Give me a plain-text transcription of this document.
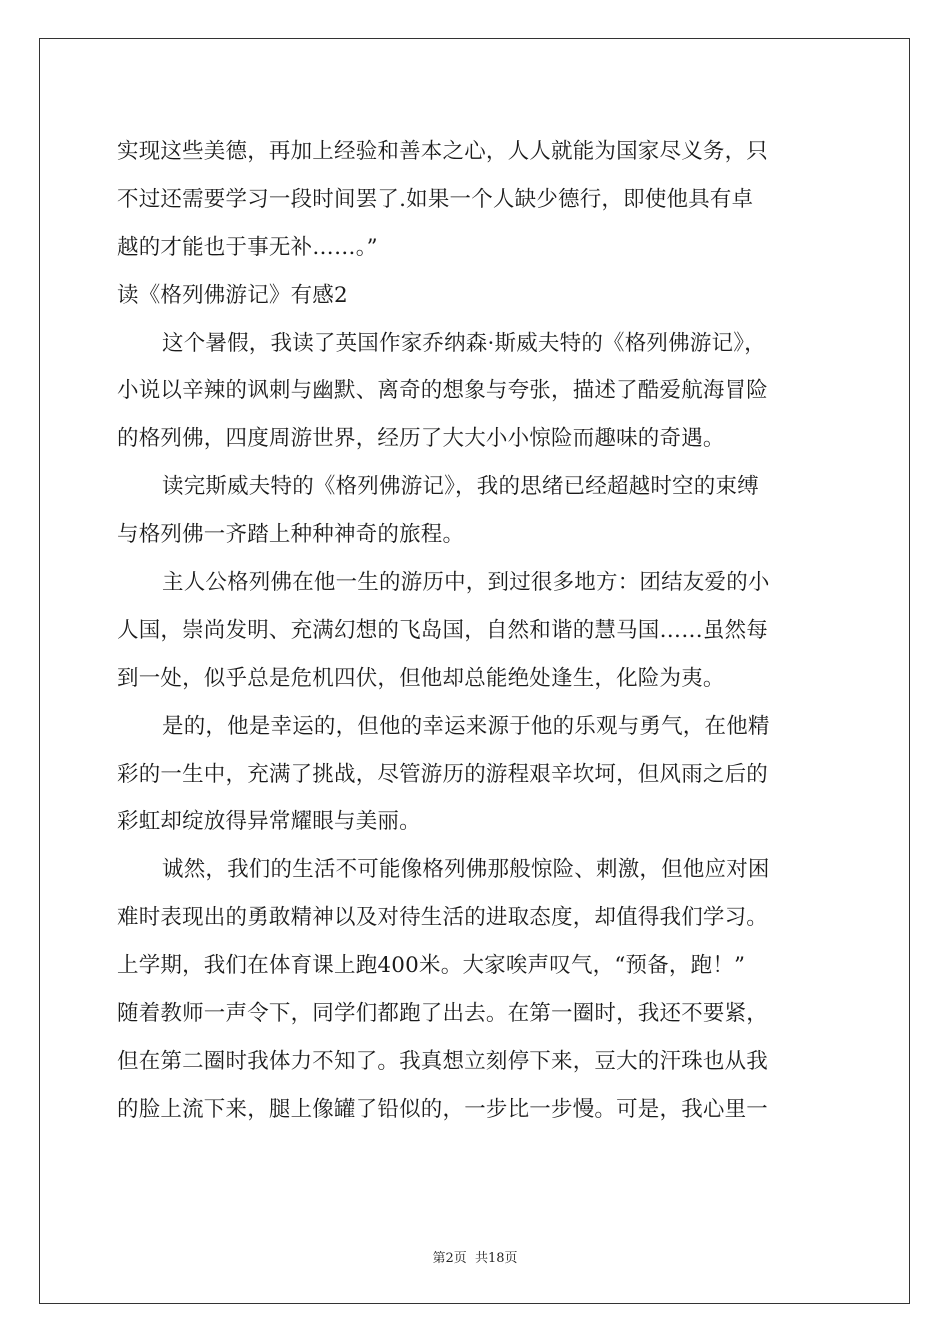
实现这些美德，再加上经验和善本之心，人人就能为国家尽义务，只
不过还需要学习一段时间罢了.如果一个人缺少德行，即使他具有卓
越的才能也于事无补……。”
读《格列佛游记》有感2
这个暑假，我读了英国作家乔纳森·斯威夫特的《格列佛游记》，
小说以辛辣的讽刺与幽默、离奇的想象与夸张，描述了酷爱航海冒险
的格列佛，四度周游世界，经历了大大小小惊险而趣味的奇遇。
读完斯威夫特的《格列佛游记》，我的思绪已经超越时空的束缚
与格列佛一齐踏上种种神奇的旅程。
主人公格列佛在他一生的游历中，到过很多地方：团结友爱的小
人国，崇尚发明、充满幻想的飞岛国，自然和谐的慧马国……虽然每
到一处，似乎总是危机四伏，但他却总能绝处逢生，化险为夷。
是的，他是幸运的，但他的幸运来源于他的乐观与勇气，在他精
彩的一生中，充满了挑战，尽管游历的游程艰辛坎坷，但风雨之后的
彩虹却绽放得异常耀眼与美丽。
诚然，我们的生活不可能像格列佛那般惊险、刺激，但他应对困
难时表现出的勇敢精神以及对待生活的进取态度，却值得我们学习。
上学期，我们在体育课上跑400米。大家唉声叹气，“预备，跑！”
随着教师一声令下，同学们都跑了出去。在第一圈时，我还不要紧，
但在第二圈时我体力不知了。我真想立刻停下来，豆大的汗珠也从我
的脸上流下来，腿上像罐了铅似的，一步比一步慢。可是，我心里一
第2页 共18页
